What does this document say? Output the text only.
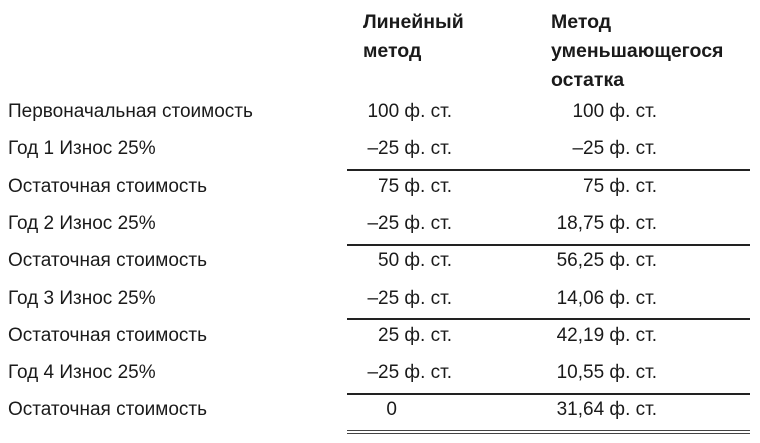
Линейный
метод
Метод
уменьшающегося
остатка
Первоначальная стоимость	100 ф. ст.	100 ф. ст.
Год 1 Износ 25%	–25 ф. ст.	–25 ф. ст.
Остаточная стоимость	75 ф. ст.	75 ф. ст.
Год 2 Износ 25%	–25 ф. ст.	18,75 ф. ст.
Остаточная стоимость	50 ф. ст.	56,25 ф. ст.
Год 3 Износ 25%	–25 ф. ст.	14,06 ф. ст.
Остаточная стоимость	25 ф. ст.	42,19 ф. ст.
Год 4 Износ 25%	–25 ф. ст.	10,55 ф. ст.
Остаточная стоимость	0	31,64 ф. ст.
